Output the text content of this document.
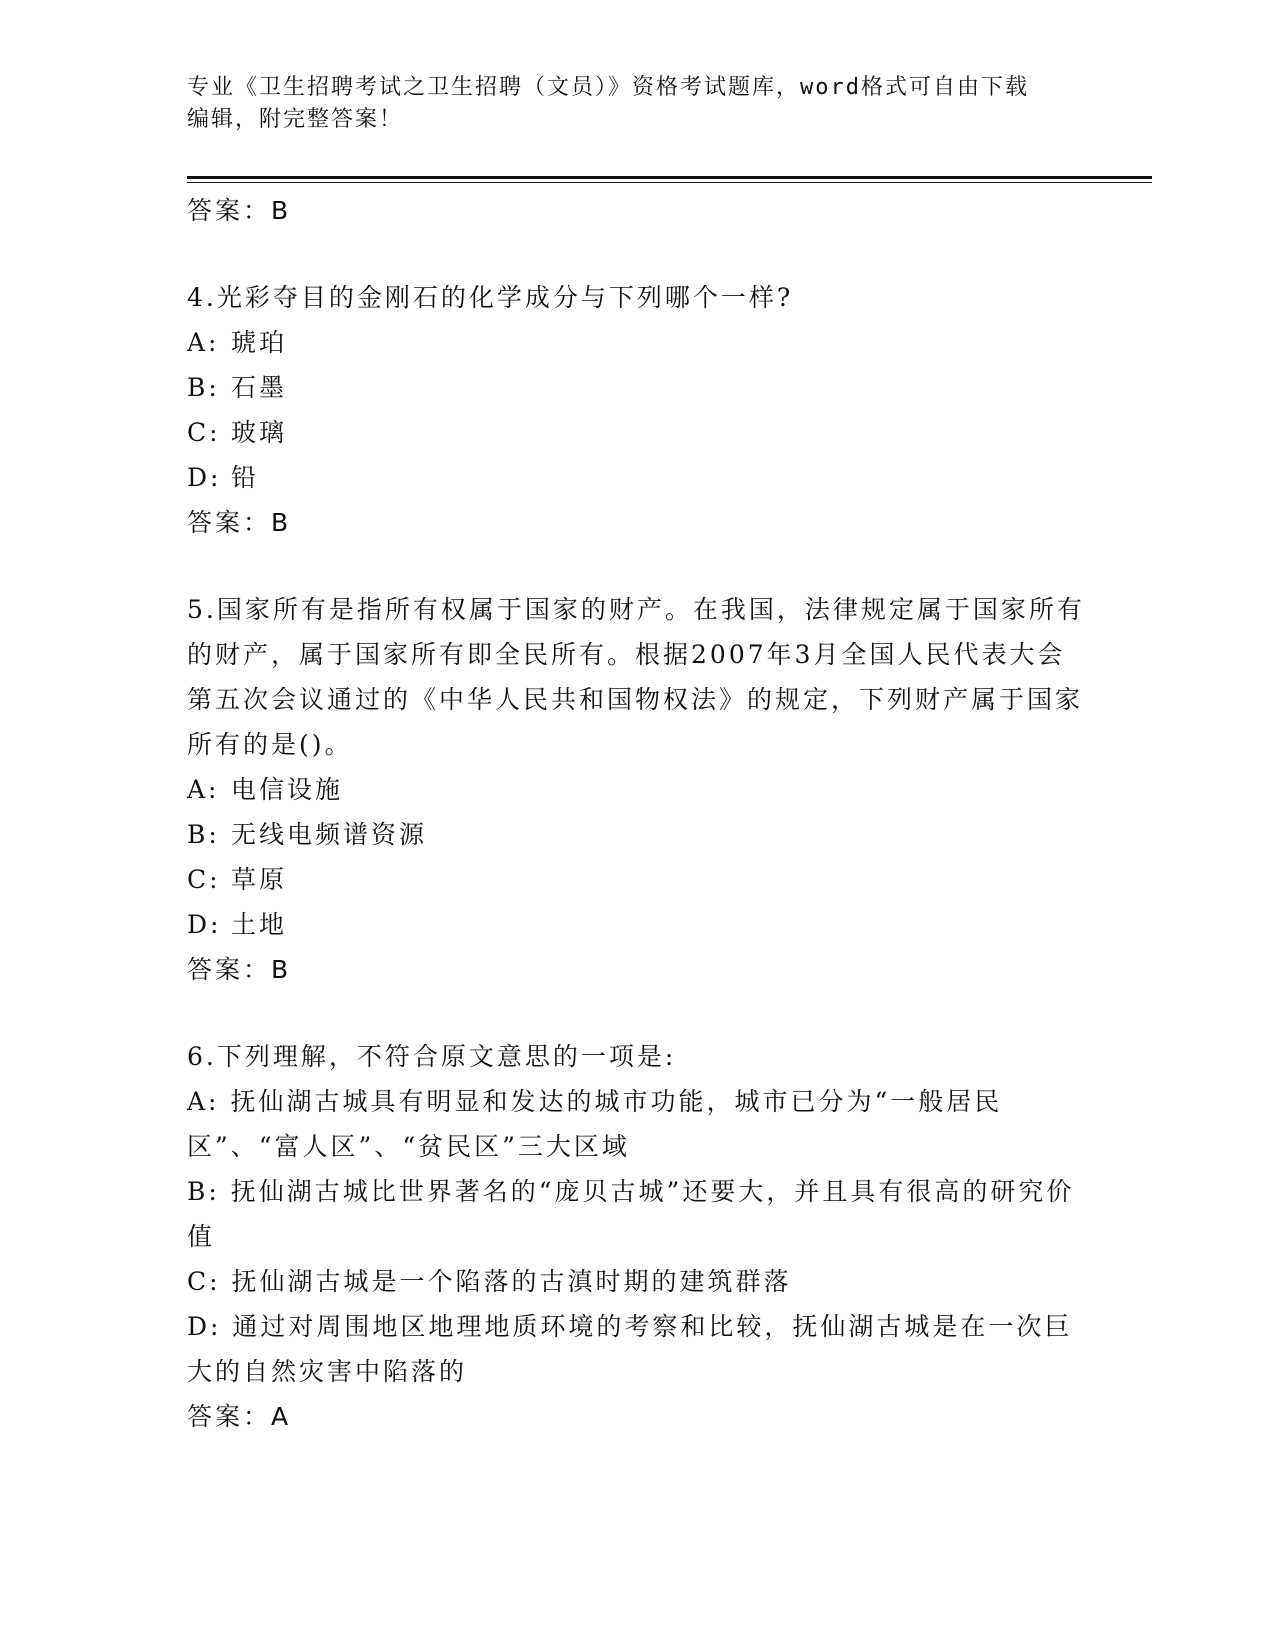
专业《卫生招聘考试之卫生招聘（文员）》资格考试题库，word格式可自由下载
编辑，附完整答案！
答案：B

4.光彩夺目的金刚石的化学成分与下列哪个一样?

A: 琥珀

B: 石墨

C: 玻璃

D: 铅

答案：B

5.国家所有是指所有权属于国家的财产。在我国，法律规定属于国家所有的财产，属于国家所有即全民所有。根据2007年3月全国人民代表大会第五次会议通过的《中华人民共和国物权法》的规定，下列财产属于国家所有的是()。

A: 电信设施

B: 无线电频谱资源

C: 草原

D: 土地

答案：B

6.下列理解，不符合原文意思的一项是:

A: 抚仙湖古城具有明显和发达的城市功能，城市已分为“一般居民区”、“富人区”、“贫民区”三大区域

B: 抚仙湖古城比世界著名的“庞贝古城”还要大，并且具有很高的研究价值

C: 抚仙湖古城是一个陷落的古滇时期的建筑群落

D: 通过对周围地区地理地质环境的考察和比较，抚仙湖古城是在一次巨大的自然灾害中陷落的

答案：A
